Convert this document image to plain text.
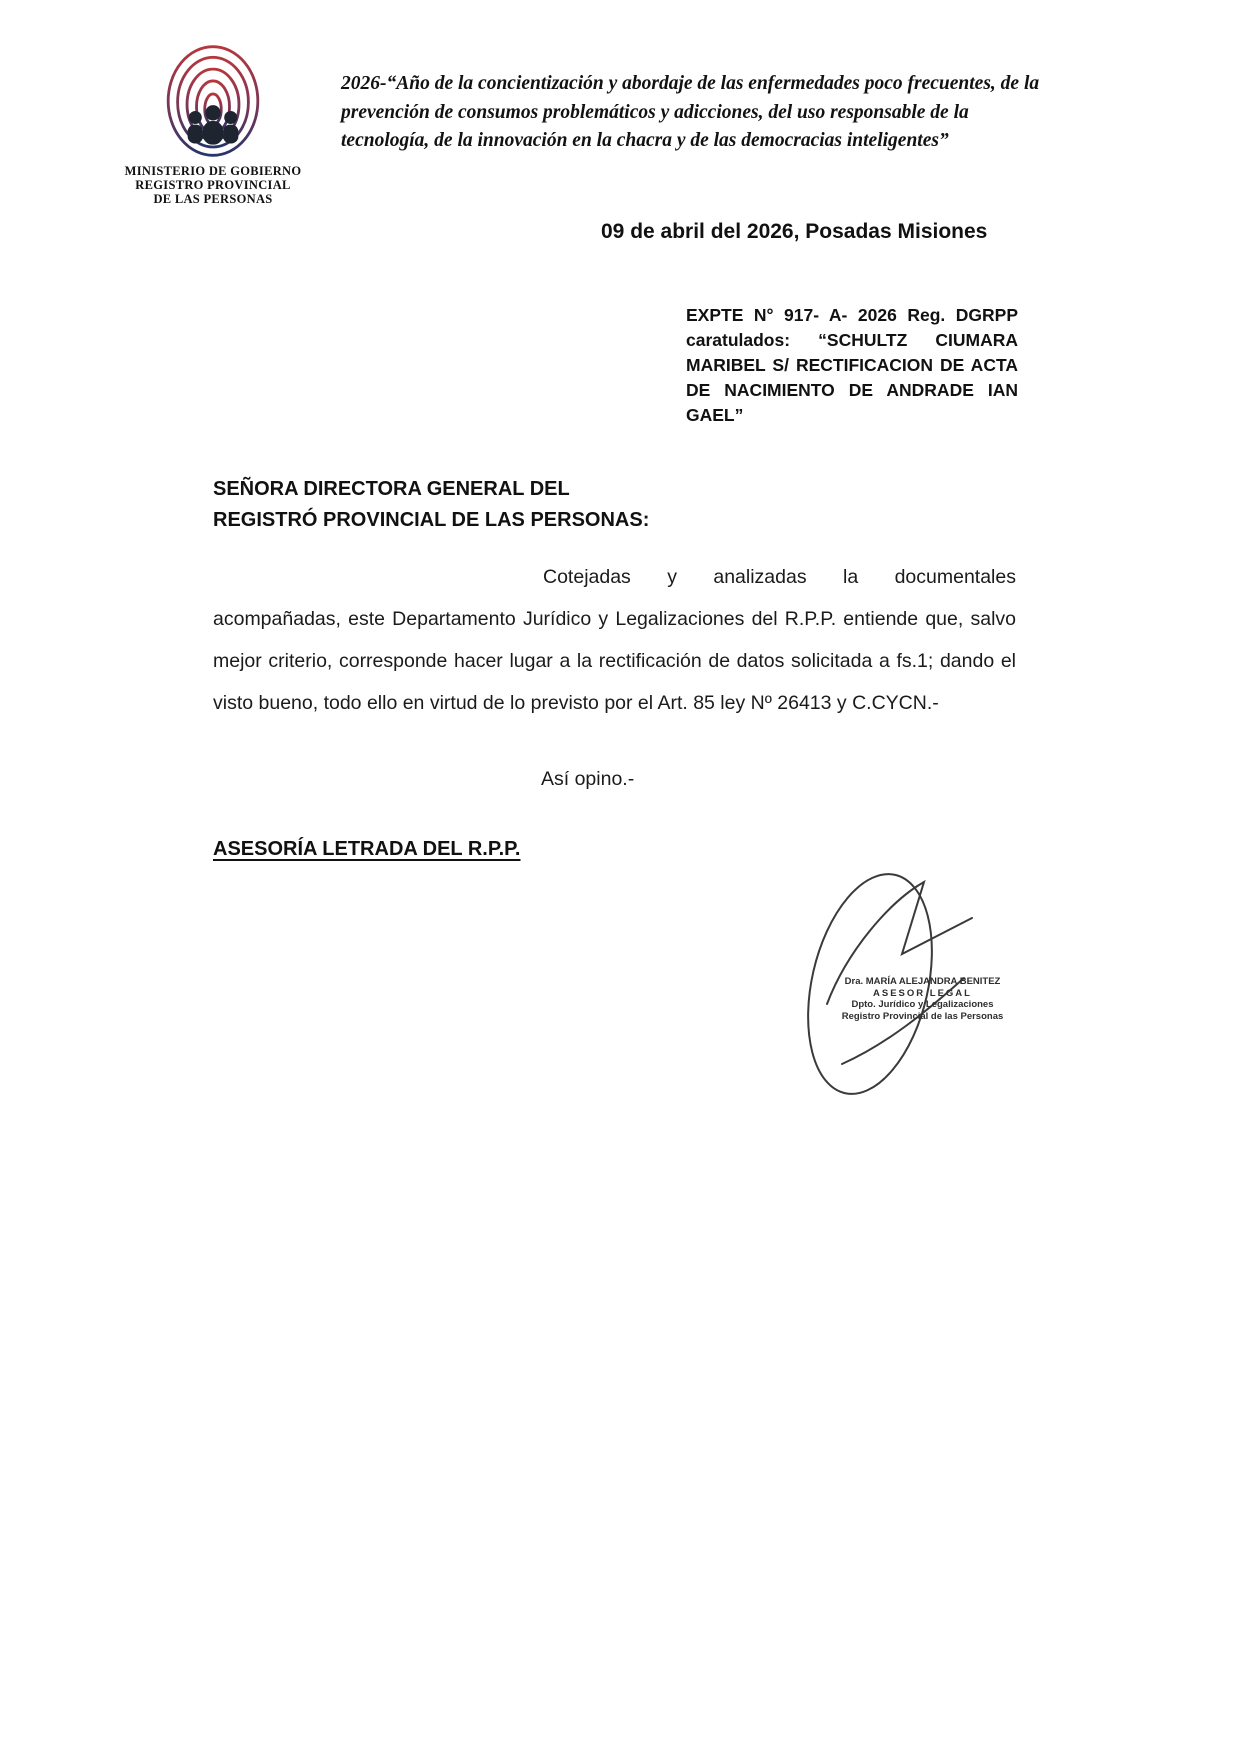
MINISTERIO DE GOBIERNO
REGISTRO PROVINCIAL
DE LAS PERSONAS
2026-“Año de la concientización y abordaje de las enfermedades poco frecuentes, de la prevención de consumos problemáticos y adicciones, del uso responsable de la tecnología, de la innovación en la chacra y de las democracias inteligentes”
09 de abril del 2026, Posadas Misiones
EXPTE N° 917- A- 2026 Reg. DGRPP caratulados: “SCHULTZ CIUMARA MARIBEL S/ RECTIFICACION DE ACTA DE NACIMIENTO DE ANDRADE IAN GAEL”
SEÑORA DIRECTORA GENERAL DEL
REGISTRÓ PROVINCIAL DE LAS PERSONAS:

Cotejadas y analizadas la documentales acompañadas, este Departamento Jurídico y Legalizaciones del R.P.P. entiende que, salvo mejor criterio, corresponde hacer lugar a la rectificación de datos solicitada a fs.1; dando el visto bueno, todo ello en virtud de lo previsto por el Art. 85 ley Nº 26413 y C.CYCN.-

Así opino.-
ASESORÍA LETRADA DEL R.P.P.
Dra. MARÍA ALEJANDRA BENITEZ
ASESOR LEGAL
Dpto. Jurídico y Legalizaciones
Registro Provincial de las Personas
